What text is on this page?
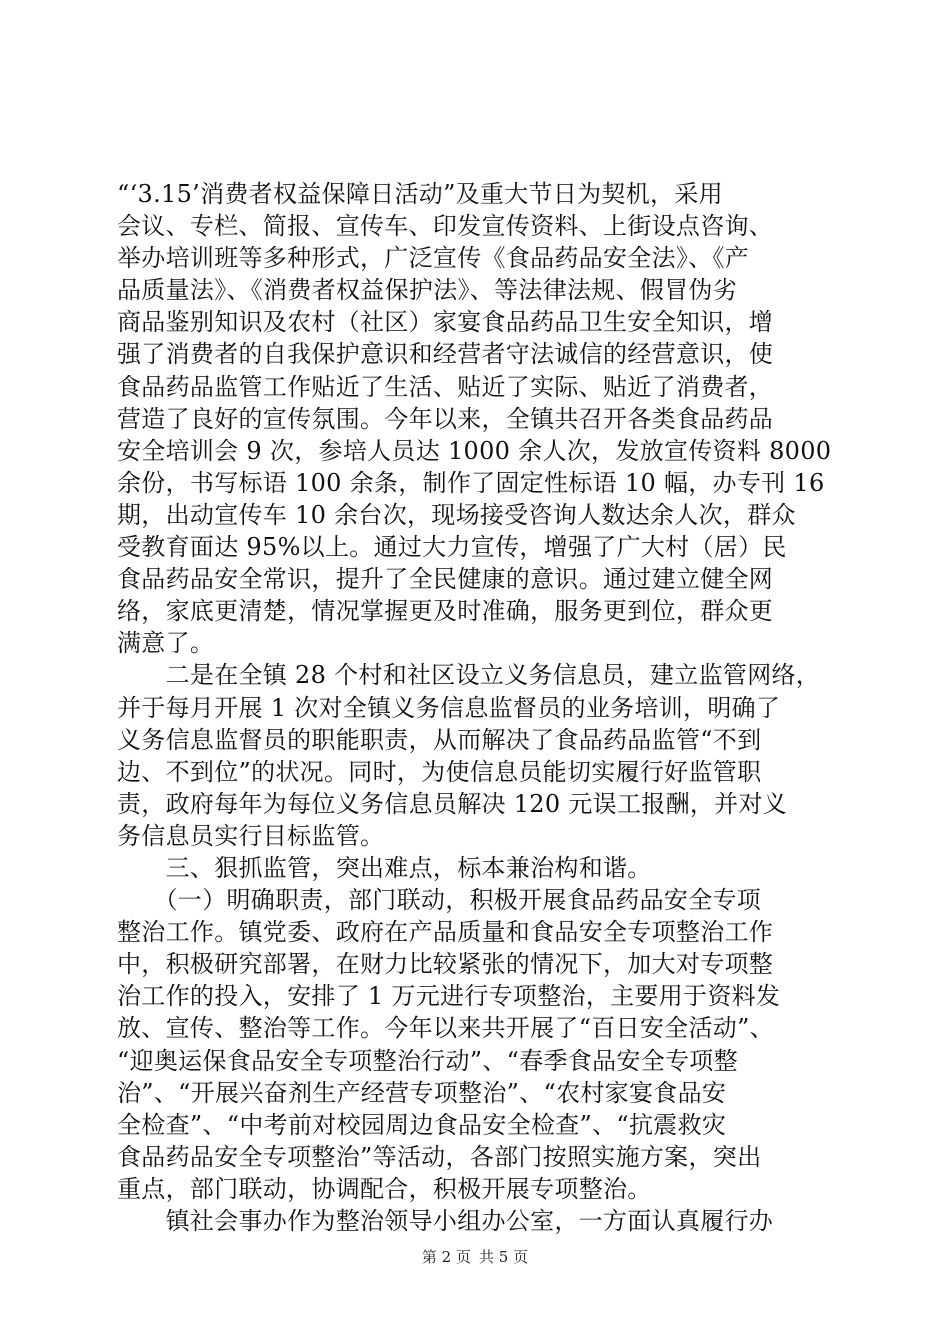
“‘3.15’消费者权益保障日活动”及重大节日为契机，采用
会议、专栏、简报、宣传车、印发宣传资料、上街设点咨询、
举办培训班等多种形式，广泛宣传《食品药品安全法》、《产
品质量法》、《消费者权益保护法》、等法律法规、假冒伪劣
商品鉴别知识及农村（社区）家宴食品药品卫生安全知识，增
强了消费者的自我保护意识和经营者守法诚信的经营意识，使
食品药品监管工作贴近了生活、贴近了实际、贴近了消费者，
营造了良好的宣传氛围。今年以来，全镇共召开各类食品药品
安全培训会 9 次，参培人员达 1000 余人次，发放宣传资料 8000
余份，书写标语 100 余条，制作了固定性标语 10 幅，办专刊 16
期，出动宣传车 10 余台次，现场接受咨询人数达余人次，群众
受教育面达 95%以上。通过大力宣传，增强了广大村（居）民
食品药品安全常识，提升了全民健康的意识。通过建立健全网
络，家底更清楚，情况掌握更及时准确，服务更到位，群众更
满意了。
　　二是在全镇 28 个村和社区设立义务信息员，建立监管网络，
并于每月开展 1 次对全镇义务信息监督员的业务培训，明确了
义务信息监督员的职能职责，从而解决了食品药品监管“不到
边、不到位”的状况。同时，为使信息员能切实履行好监管职
责，政府每年为每位义务信息员解决 120 元误工报酬，并对义
务信息员实行目标监管。
　　三、狠抓监管，突出难点，标本兼治构和谐。
　　（一）明确职责，部门联动，积极开展食品药品安全专项
整治工作。镇党委、政府在产品质量和食品安全专项整治工作
中，积极研究部署，在财力比较紧张的情况下，加大对专项整
治工作的投入，安排了 1 万元进行专项整治，主要用于资料发
放、宣传、整治等工作。今年以来共开展了“百日安全活动”、
“迎奥运保食品安全专项整治行动”、“春季食品安全专项整
治”、“开展兴奋剂生产经营专项整治”、“农村家宴食品安
全检查”、“中考前对校园周边食品安全检查”、“抗震救灾
食品药品安全专项整治”等活动，各部门按照实施方案，突出
重点，部门联动，协调配合，积极开展专项整治。
　　镇社会事办作为整治领导小组办公室，一方面认真履行办
第 2 页 共 5 页
